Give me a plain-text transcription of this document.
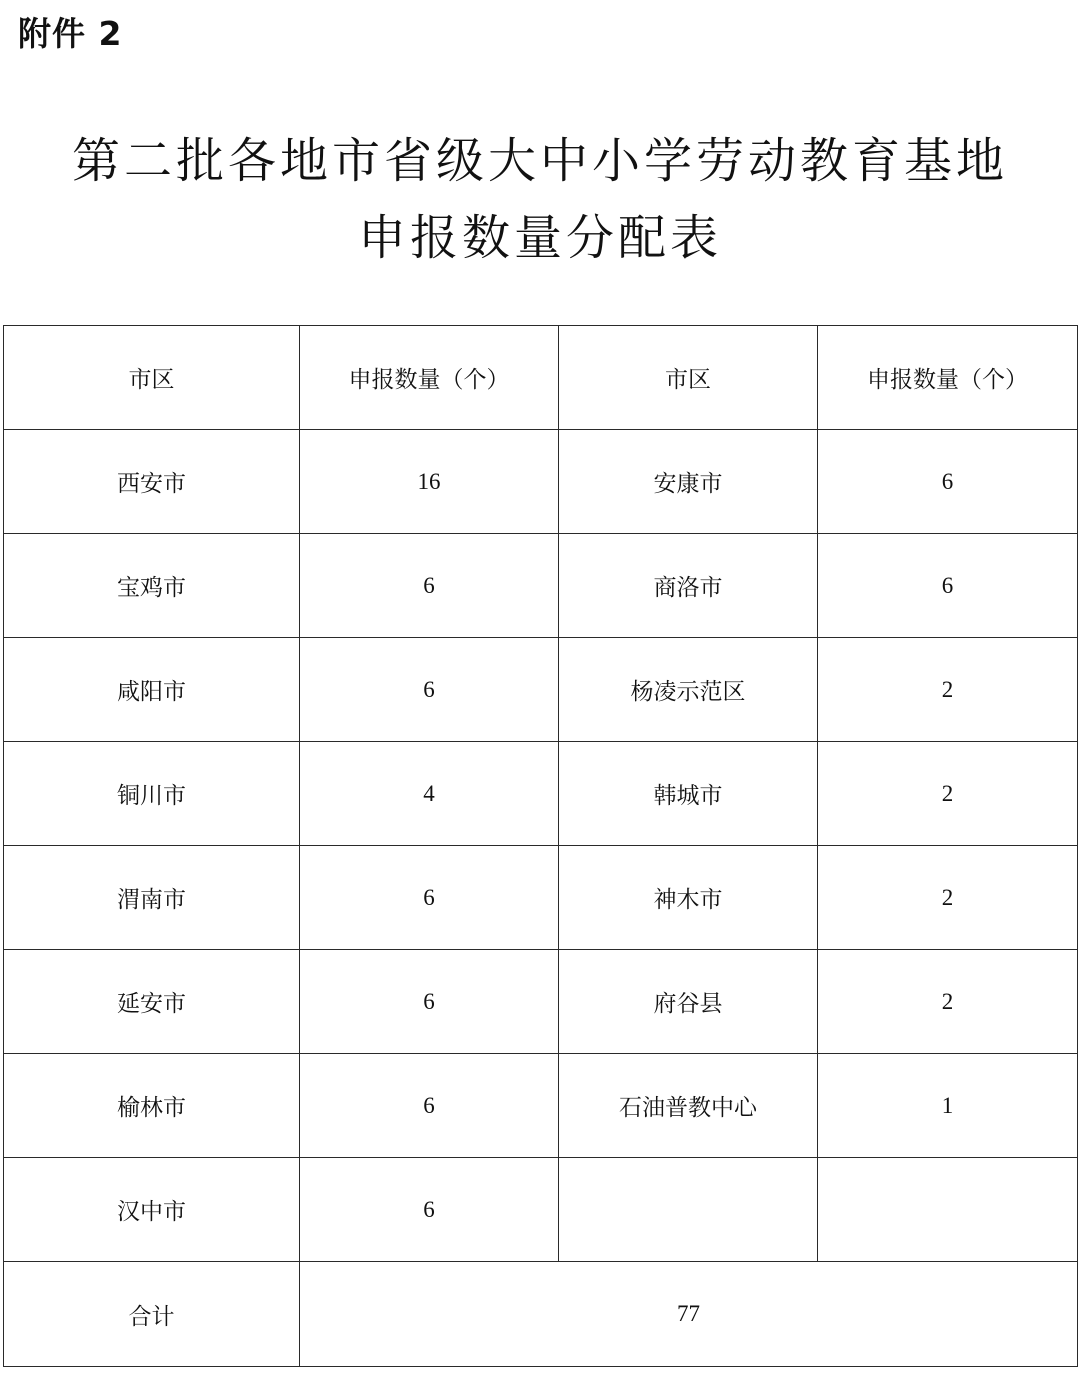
附件 2
第二批各地市省级大中小学劳动教育基地
申报数量分配表
市区	申报数量（个）	市区	申报数量（个）
西安市	16	安康市	6
宝鸡市	6	商洛市	6
咸阳市	6	杨凌示范区	2
铜川市	4	韩城市	2
渭南市	6	神木市	2
延安市	6	府谷县	2
榆林市	6	石油普教中心	1
汉中市	6		
合计	77		
